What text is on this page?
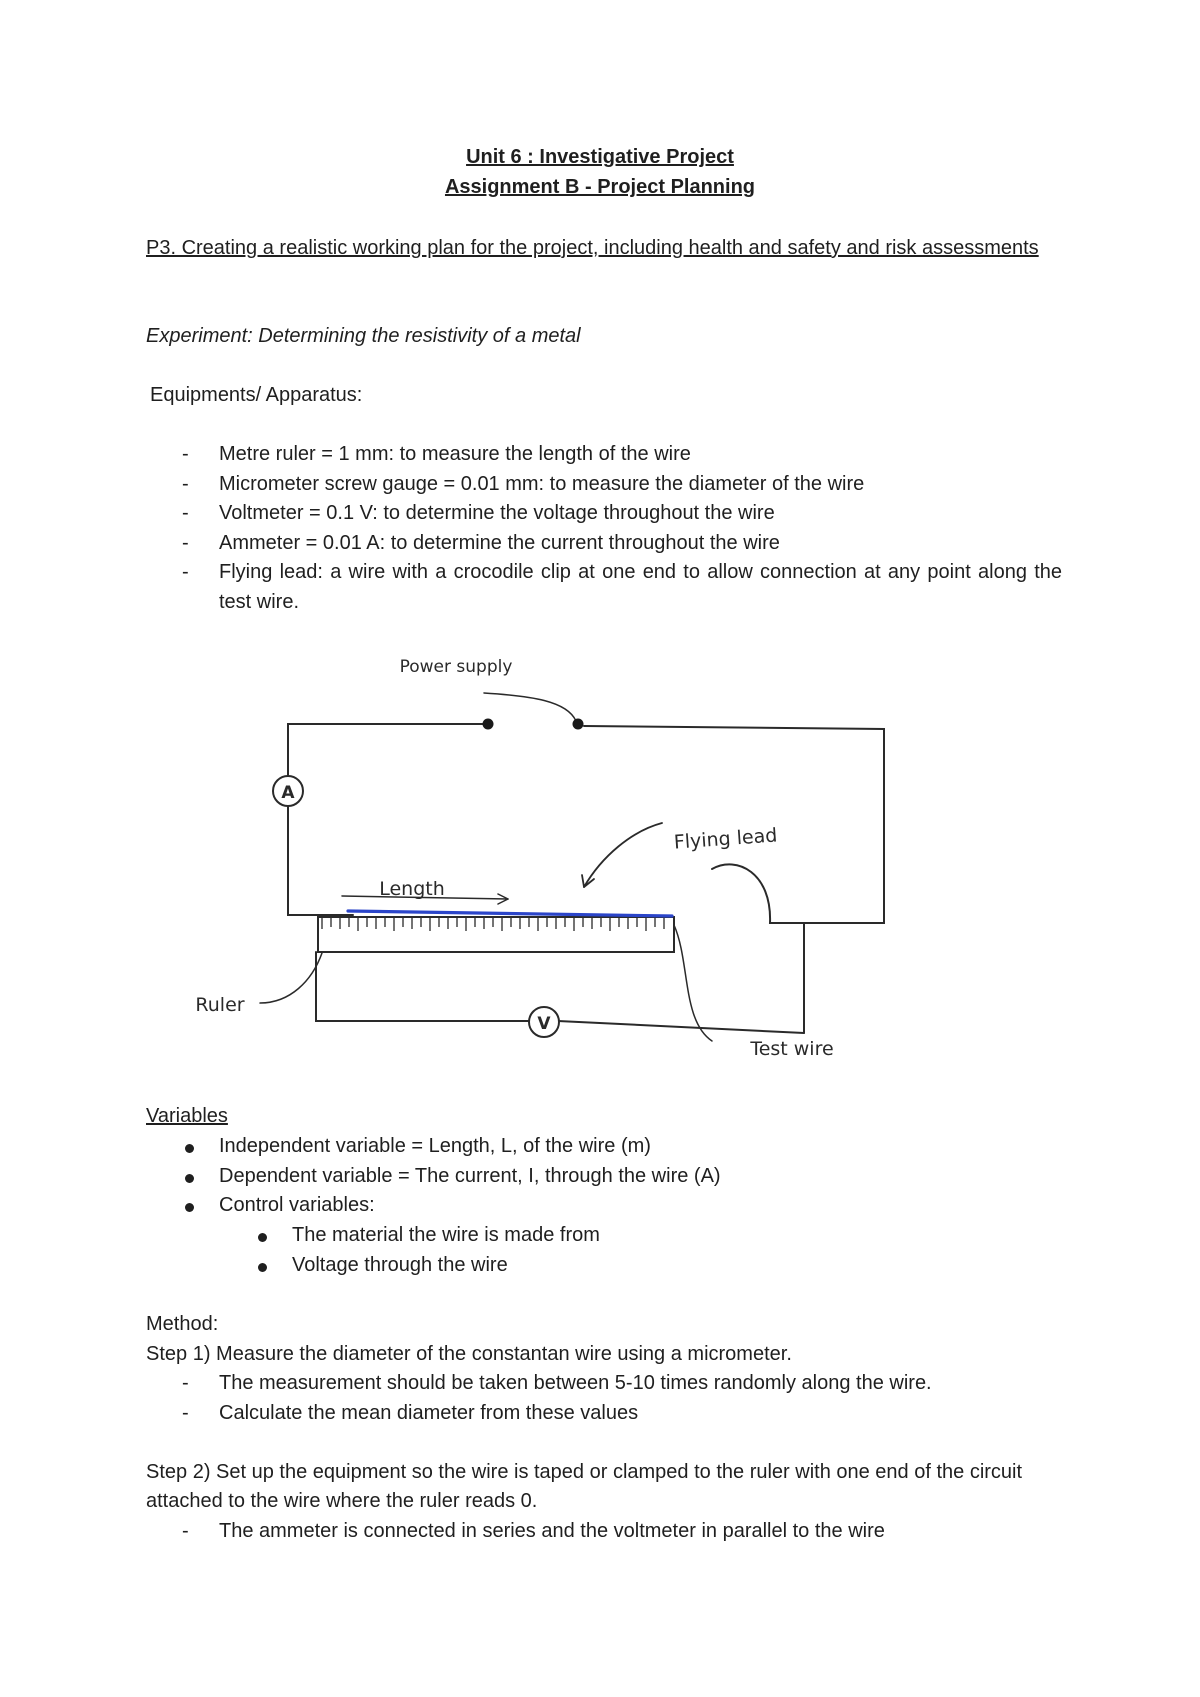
Unit 6 : Investigative Project
Assignment B - Project Planning
P3. Creating a realistic working plan for the project, including health and safety and risk assessments
Experiment: Determining the resistivity of a metal
Equipments/ Apparatus:
- Metre ruler = 1 mm: to measure the length of the wire
- Micrometer screw gauge = 0.01 mm: to measure the diameter of the wire
- Voltmeter = 0.1 V: to determine the voltage throughout the wire
- Ammeter = 0.01 A: to determine the current throughout the wire
- Flying lead: a wire with a crocodile clip at one end to allow connection at any point along the test wire.
A
V
Power supply
Flying lead
Length
Ruler
Test wire
Variables
Independent variable = Length, L, of the wire (m)
Dependent variable = The current, I, through the wire (A)
Control variables:
The material the wire is made from
Voltage through the wire
Method:
Step 1) Measure the diameter of the constantan wire using a micrometer.
- The measurement should be taken between 5-10 times randomly along the wire.
- Calculate the mean diameter from these values
Step 2) Set up the equipment so the wire is taped or clamped to the ruler with one end of the circuit attached to the wire where the ruler reads 0.
- The ammeter is connected in series and the voltmeter in parallel to the wire
